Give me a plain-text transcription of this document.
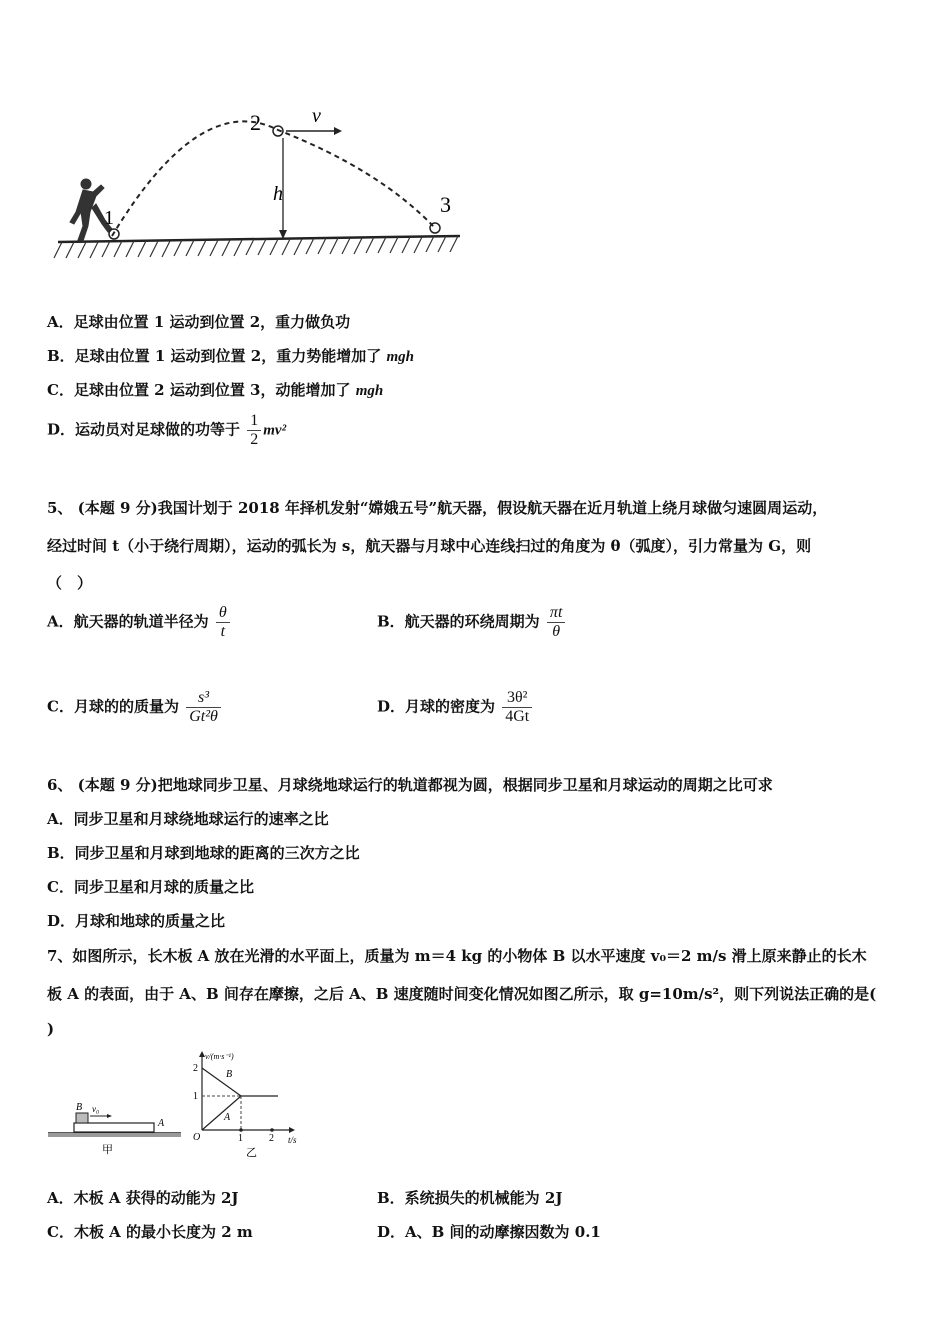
1
2
3
v
h
A．足球由位置 1 运动到位置 2，重力做负功
B．足球由位置 1 运动到位置 2，重力势能增加了 mgh
C．足球由位置 2 运动到位置 3，动能增加了 mgh
D．运动员对足球做的功等于 $\frac{1}{2} mv^2$
5、 (本题 9 分)我国计划于 2018 年择机发射“嫦娥五号”航天器，假设航天器在近月轨道上绕月球做匀速圆周运动，
经过时间 t（小于绕行周期），运动的弧长为 s，航天器与月球中心连线扫过的角度为 θ（弧度），引力常量为 G，则
（　）
A．航天器的轨道半径为 $\frac{\theta}{t}$	B．航天器的环绕周期为 $\frac{\pi t}{\theta}$
C．月球的的质量为 $\frac{\text{s³}}{\text{Gt²θ}}$	D．月球的密度为 $\frac{\text{3θ²}}{4Gt}$
6、 (本题 9 分)把地球同步卫星、月球绕地球运行的轨道都视为圆，根据同步卫星和月球运动的周期之比可求
A．同步卫星和月球绕地球运行的速率之比
B．同步卫星和月球到地球的距离的三次方之比
C．同步卫星和月球的质量之比
D．月球和地球的质量之比
7、如图所示，长木板 A 放在光滑的水平面上，质量为 m＝4 kg 的小物体 B 以水平速度 v₀＝2 m/s 滑上原来静止的长木
板 A 的表面，由于 A、B 间存在摩擦，之后 A、B 速度随时间变化情况如图乙所示，取 g=10m/s²，则下列说法正确的是(
)
B v₀
A
甲
v/(m·s⁻¹)
t/s
O
2
1
1	2
B
A
乙
A．木板 A 获得的动能为 2J	B．系统损失的机械能为 2J
C．木板 A 的最小长度为 2 m	D．A、B 间的动摩擦因数为 0.1
